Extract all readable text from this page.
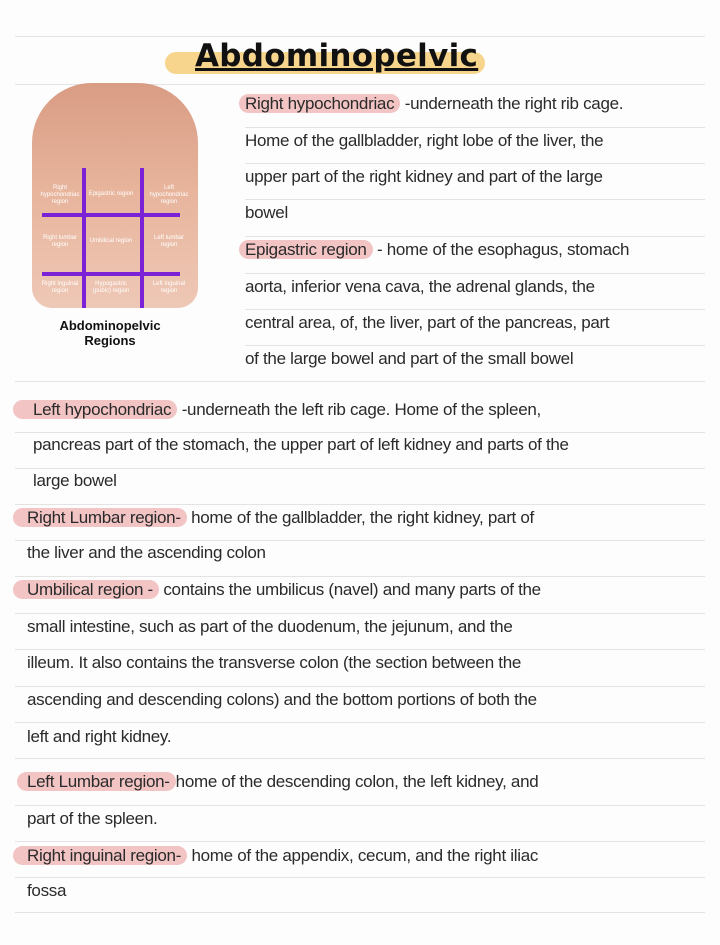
Abdominopelvic
Right hypochondriac region
Epigastric region
Left hypochondriac region
Right lumbar region
Umbilical region	Left lumbar region
Right inguinal region
Hypogastric (pubic) region
Left inguinal region
Abdominopelvic
Regions
Right hypochondriac -underneath the right rib cage.
Home of the gallbladder, right lobe of the liver, the
upper part of the right kidney and part of the large
bowel
Epigastric region - home of the esophagus, stomach
aorta, inferior vena cava, the adrenal glands, the
central area, of, the liver, part of the pancreas, part
of the large bowel and part of the small bowel
Left hypochondriac -underneath the left rib cage. Home of the spleen,
pancreas part of the stomach, the upper part of left kidney and parts of the
large bowel
Right Lumbar region- home of the gallbladder, the right kidney, part of
the liver and the ascending colon
Umbilical region - contains the umbilicus (navel) and many parts of the
small intestine, such as part of the duodenum, the jejunum, and the
illeum. It also contains the transverse colon (the section between the
ascending and descending colons) and the bottom portions of both the
left and right kidney.
Left Lumbar region- home of the descending colon, the left kidney, and
part of the spleen.
Right inguinal region- home of the appendix, cecum, and the right iliac
fossa
